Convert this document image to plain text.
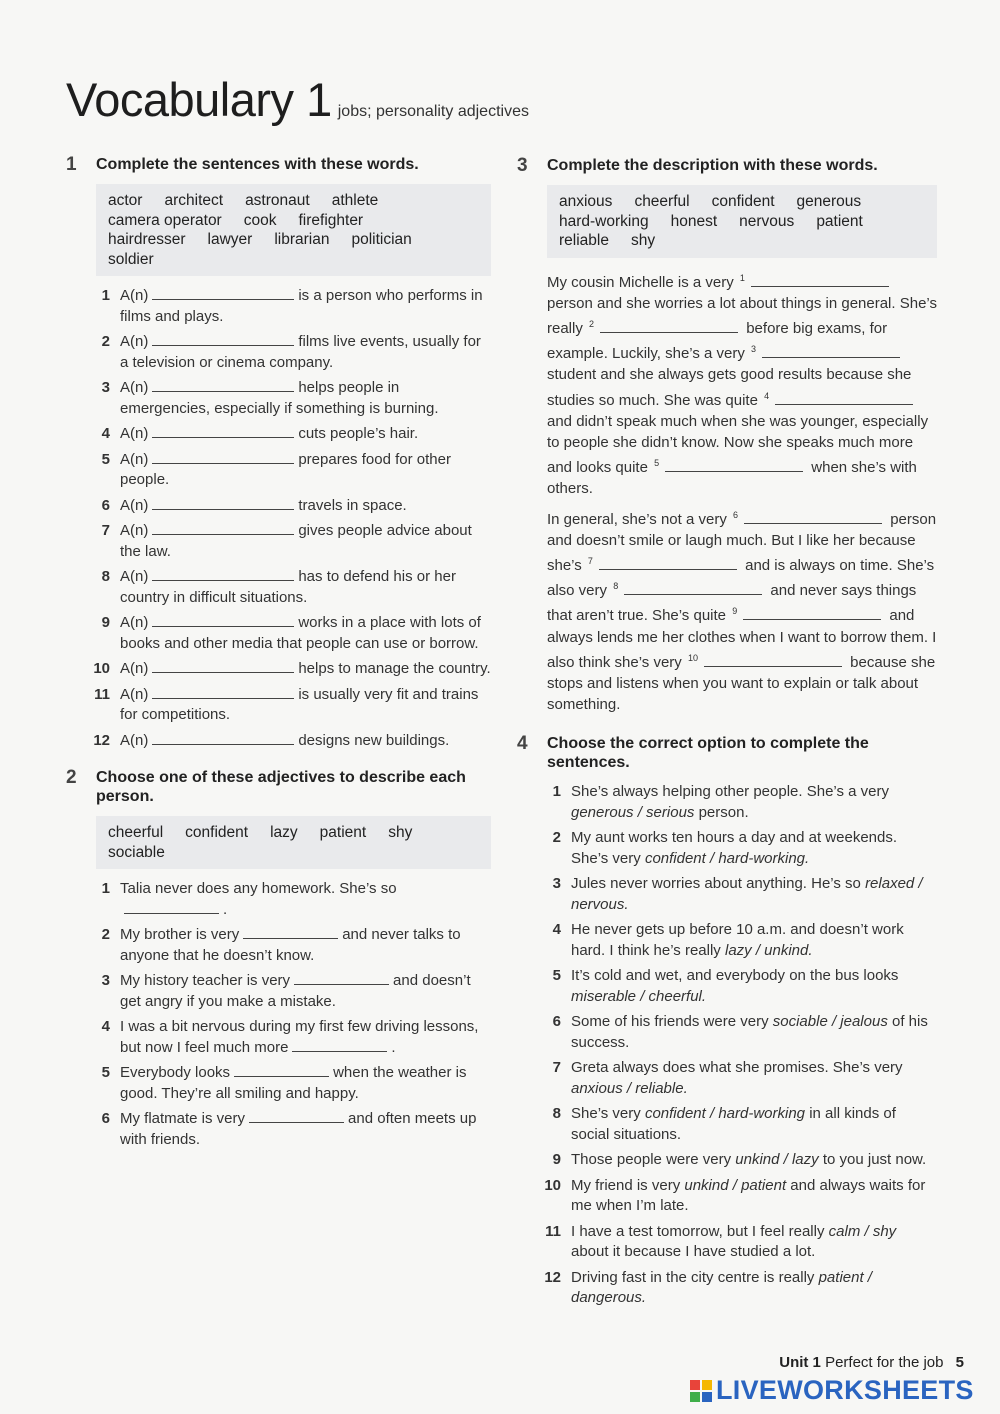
Vocabulary 1 jobs; personality adjectives
1	Complete the sentences with these words.
actor architect astronaut athletecamera operator cook firefighterhairdresser lawyer librarian politiciansoldier
1 A(n)	is a person who performs in films and plays.
2 A(n)	films live events, usually for a television or cinema company.
3 A(n)	helps people in emergencies, especially if something is burning.
4 A(n)	cuts people’s hair.
5 A(n)	prepares food for other people.
6 A(n)	travels in space.
7 A(n)	gives people advice about the law.
8 A(n)	has to defend his or her country in difficult situations.
9 A(n)	works in a place with lots of books and other media that people can use or borrow.
10 A(n)	helps to manage the country.
11 A(n)	is usually very fit and trains for competitions.
12 A(n)	designs new buildings.
2	Choose one of these adjectives to describe each person.
cheerful confident lazy patient shysociable
1 Talia never does any homework. She’s so.
2 My brother is very	and never talks to anyone that he doesn’t know.
3 My history teacher is very	and doesn’t get angry if you make a mistake.
4 I was a bit nervous during my first few driving lessons, but now I feel much more	.
5 Everybody looks	when the weather is good. They’re all smiling and happy.
6 My flatmate is very	and often meets up with friends.
3	Complete the description with these words.
anxious cheerful confident generoushard-working honest nervous patientreliable shy

My cousin Michelle is a very $^1$ person and she worries a lot about things in general. She’s really $^2$	before big exams, for example. Luckily, she’s a very $^3$ student and she always gets good results because she studies so much. She was quite $^4$ and didn’t speak much when she was younger, especially to people she didn’t know. Now she speaks much more and looks quite $^5$	when she’s with others.

In general, she’s not a very $^6$	person and doesn’t smile or laugh much. But I like her because she’s $^7$	and is always on time. She’s also very $^8$	and never says things that aren’t true. She’s quite $^9$	and always lends me her clothes when I want to borrow them. I also think she’s very $^{10}$	because she stops and listens when you want to explain or talk about something.

4	Choose the correct option to complete the sentences.
1 She’s always helping other people. She’s a very generous / serious person.
2 My aunt works ten hours a day and at weekends. She’s very confident / hard-working.
3 Jules never worries about anything. He’s so relaxed / nervous.
4 He never gets up before 10 a.m. and doesn’t work hard. I think he’s really lazy / unkind.
5 It’s cold and wet, and everybody on the bus looks miserable / cheerful.
6 Some of his friends were very sociable / jealous of his success.
7 Greta always does what she promises. She’s very anxious / reliable.
8 She’s very confident / hard-working in all kinds of social situations.
9 Those people were very unkind / lazy to you just now.
10 My friend is very unkind / patient and always waits for me when I’m late.
11 I have a test tomorrow, but I feel really calm / shy about it because I have studied a lot.
12 Driving fast in the city centre is really patient / dangerous.
Unit 1 Perfect for the job 5
LIVEWORKSHEETS
